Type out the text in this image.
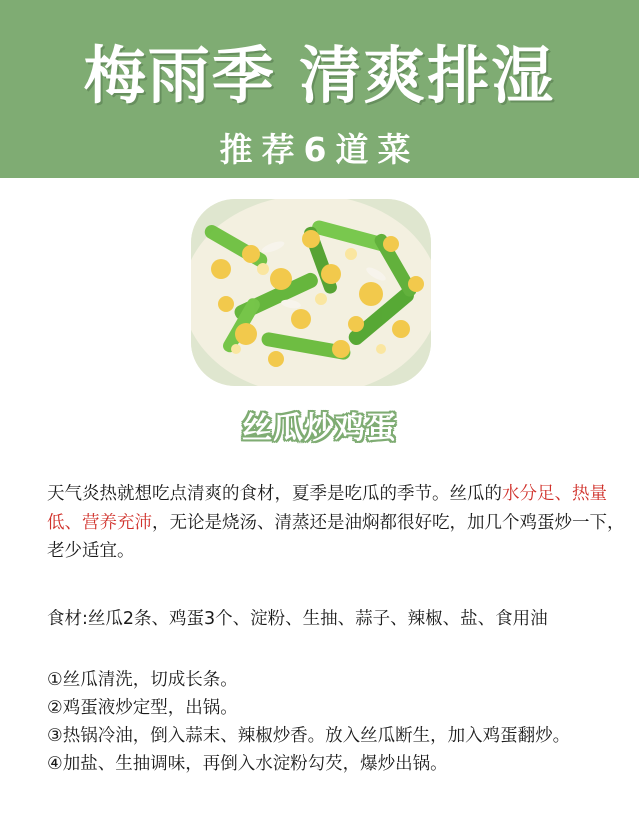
梅雨季 清爽排湿
推荐6道菜
丝瓜炒鸡蛋
天气炎热就想吃点清爽的食材，夏季是吃瓜的季节。丝瓜的水分足、热量低、营养充沛，无论是烧汤、清蒸还是油焖都很好吃，加几个鸡蛋炒一下，老少适宜。
食材:丝瓜2条、鸡蛋3个、淀粉、生抽、蒜子、辣椒、盐、食用油
①丝瓜清洗，切成长条。
②鸡蛋液炒定型，出锅。
③热锅冷油，倒入蒜末、辣椒炒香。放入丝瓜断生，加入鸡蛋翻炒。
④加盐、生抽调味，再倒入水淀粉勾芡，爆炒出锅。
